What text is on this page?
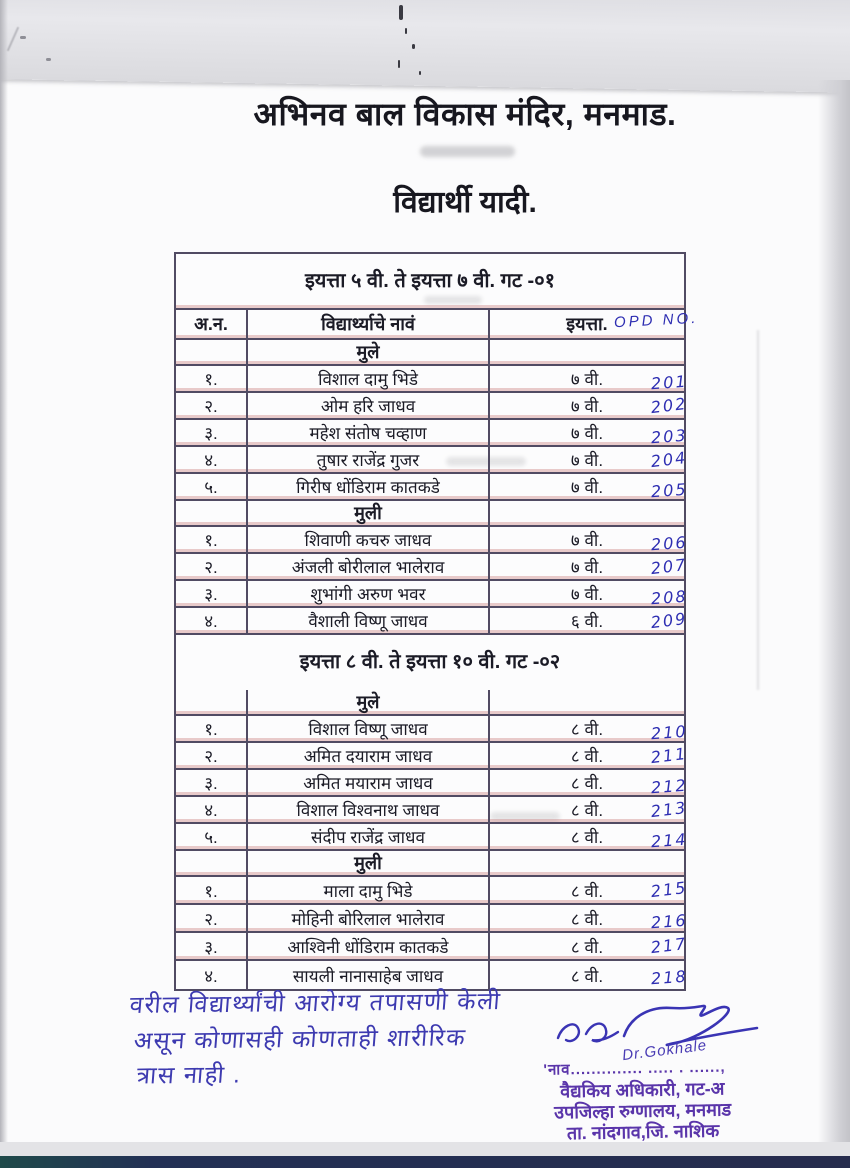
अभिनव बाल विकास मंदिर, मनमाड.
विद्यार्थी यादी.
इयत्ता ५ वी. ते इयत्ता ७ वी. गट -०१
अ.न.	विद्यार्थ्याचे नावं	इयत्ता.
मुले
१.	विशाल दामु भिडे	७ वी.	201
२.	ओम हरि जाधव	७ वी.	202
३.	महेश संतोष चव्हाण	७ वी.	203
४.	तुषार राजेंद्र गुजर	७ वी.	204
५.	गिरीष धोंडिराम कातकडे	७ वी.	205
मुली
१.	शिवाणी कचरु जाधव	७ वी.	206
२.	अंजली बोरीलाल भालेराव	७ वी.	207
३.	शुभांगी अरुण भवर	७ वी.	208
४.	वैशाली विष्णू जाधव	६ वी.	209
इयत्ता ८ वी. ते इयत्ता १० वी. गट -०२
मुले
१.	विशाल विष्णू जाधव	८ वी.	210
२.	अमित दयाराम जाधव	८ वी.	211
३.	अमित मयाराम जाधव	८ वी.	212
४.	विशाल विश्वनाथ जाधव	८ वी.	213
५.	संदीप राजेंद्र जाधव	८ वी.	214
मुली
१.	माला दामु भिडे	८ वी.	215
२.	मोहिनी बोरिलाल भालेराव	८ वी.	216
३.	आश्विनी धोंडिराम कातकडे	८ वी.	217
४.	सायली नानासाहेब जाधव	८ वी.	218
OPD NO.
वरील विद्यार्थ्यांची आरोग्य तपासणी केली
असून कोणासही कोणताही शारीरिक
त्रास नाही .
Dr.Gokhale
'नाव.............. ..... . ......,
वैद्यकिय अधिकारी, गट-अ
उपजिल्हा रुग्णालय, मनमाड
ता. नांदगाव,जि. नाशिक
